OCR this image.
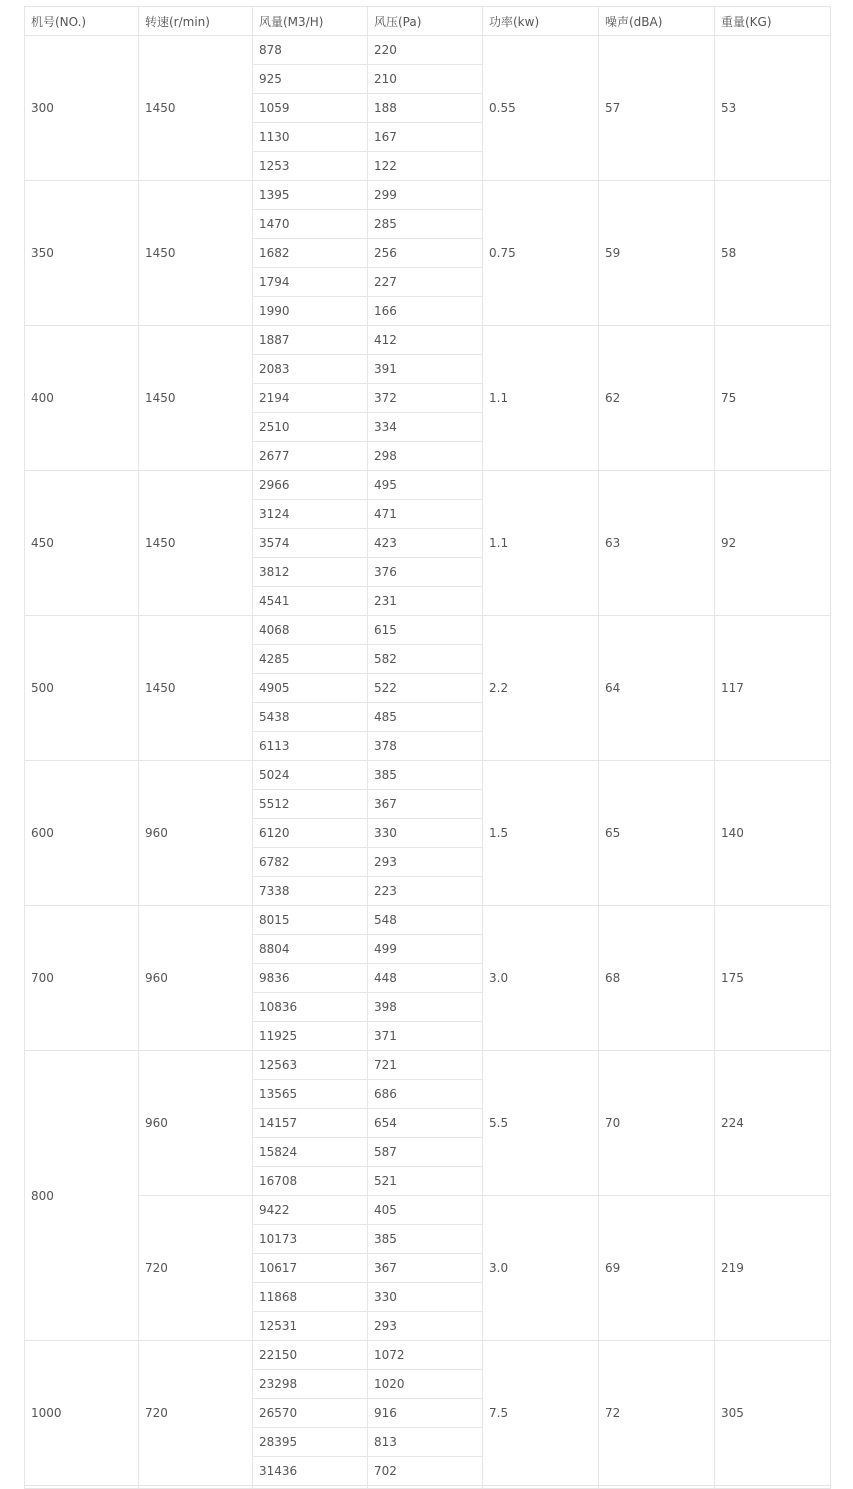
机号(NO.)	转速(r/min)	风量(M3/H)	风压(Pa)	功率(kw)	噪声(dBA)	重量(KG)
300	1450	878	220	0.55	57	53
		925	210			
		1059	188			
		1130	167			
		1253	122			
350	1450	1395	299	0.75	59	58
		1470	285			
		1682	256			
		1794	227			
		1990	166			
400	1450	1887	412	1.1	62	75
		2083	391			
		2194	372			
		2510	334			
		2677	298			
450	1450	2966	495	1.1	63	92
		3124	471			
		3574	423			
		3812	376			
		4541	231			
500	1450	4068	615	2.2	64	117
		4285	582			
		4905	522			
		5438	485			
		6113	378			
600	960	5024	385	1.5	65	140
		5512	367			
		6120	330			
		6782	293			
		7338	223			
700	960	8015	548	3.0	68	175
		8804	499			
		9836	448			
		10836	398			
		11925	371			
800	960	12563	721	5.5	70	224
		13565	686			
		14157	654			
		15824	587			
		16708	521			
	720	9422	405	3.0	69	219
		10173	385			
		10617	367			
		11868	330			
		12531	293			
1000	720	22150	1072	7.5	72	305
		23298	1020			
		26570	916			
		28395	813			
		31436	702			
